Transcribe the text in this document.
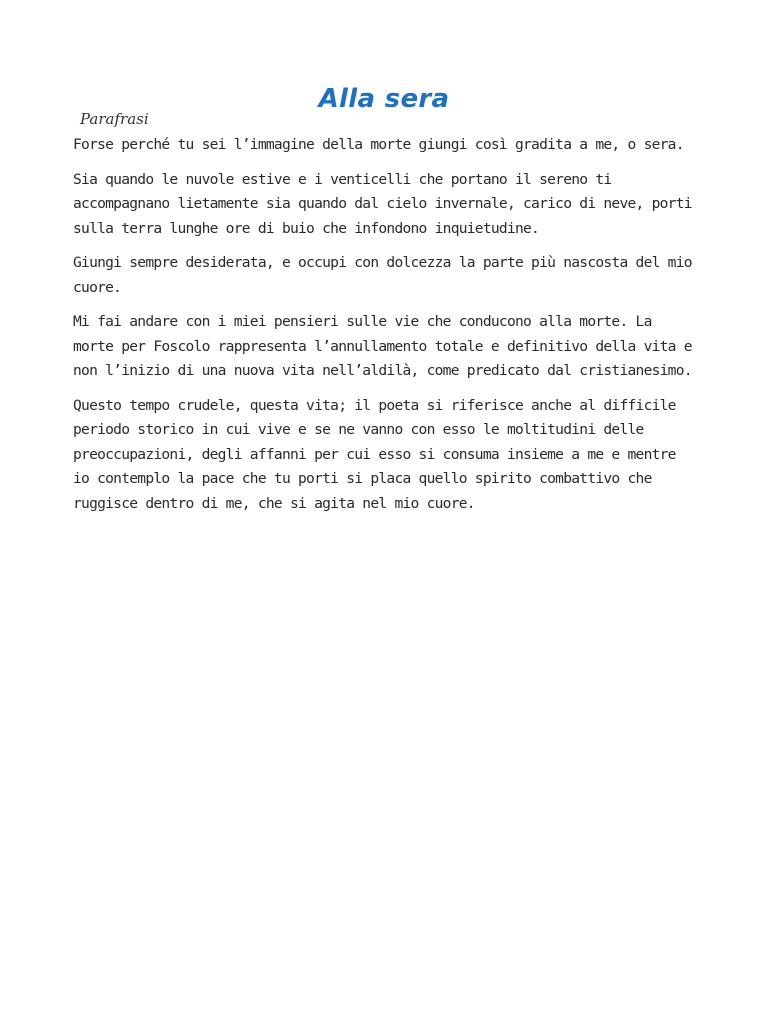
Alla sera
Parafrasi

Forse perché tu sei l’immagine della morte giungi così gradita a me, o sera.

Sia quando le nuvole estive e i venticelli che portano il sereno ti accompagnano lietamente sia quando dal cielo invernale, carico di neve, porti sulla terra lunghe ore di buio che infondono inquietudine.

Giungi sempre desiderata, e occupi con dolcezza la parte più nascosta del mio cuore.

Mi fai andare con i miei pensieri sulle vie che conducono alla morte. La morte per Foscolo rappresenta l’annullamento totale e definitivo della vita e non l’inizio di una nuova vita nell’aldilà, come predicato dal cristianesimo.

Questo tempo crudele, questa vita; il poeta si riferisce anche al difficile periodo storico in cui vive e se ne vanno con esso le moltitudini delle preoccupazioni, degli affanni per cui esso si consuma insieme a me e mentre io contemplo la pace che tu porti si placa quello spirito combattivo che ruggisce dentro di me, che si agita nel mio cuore.
